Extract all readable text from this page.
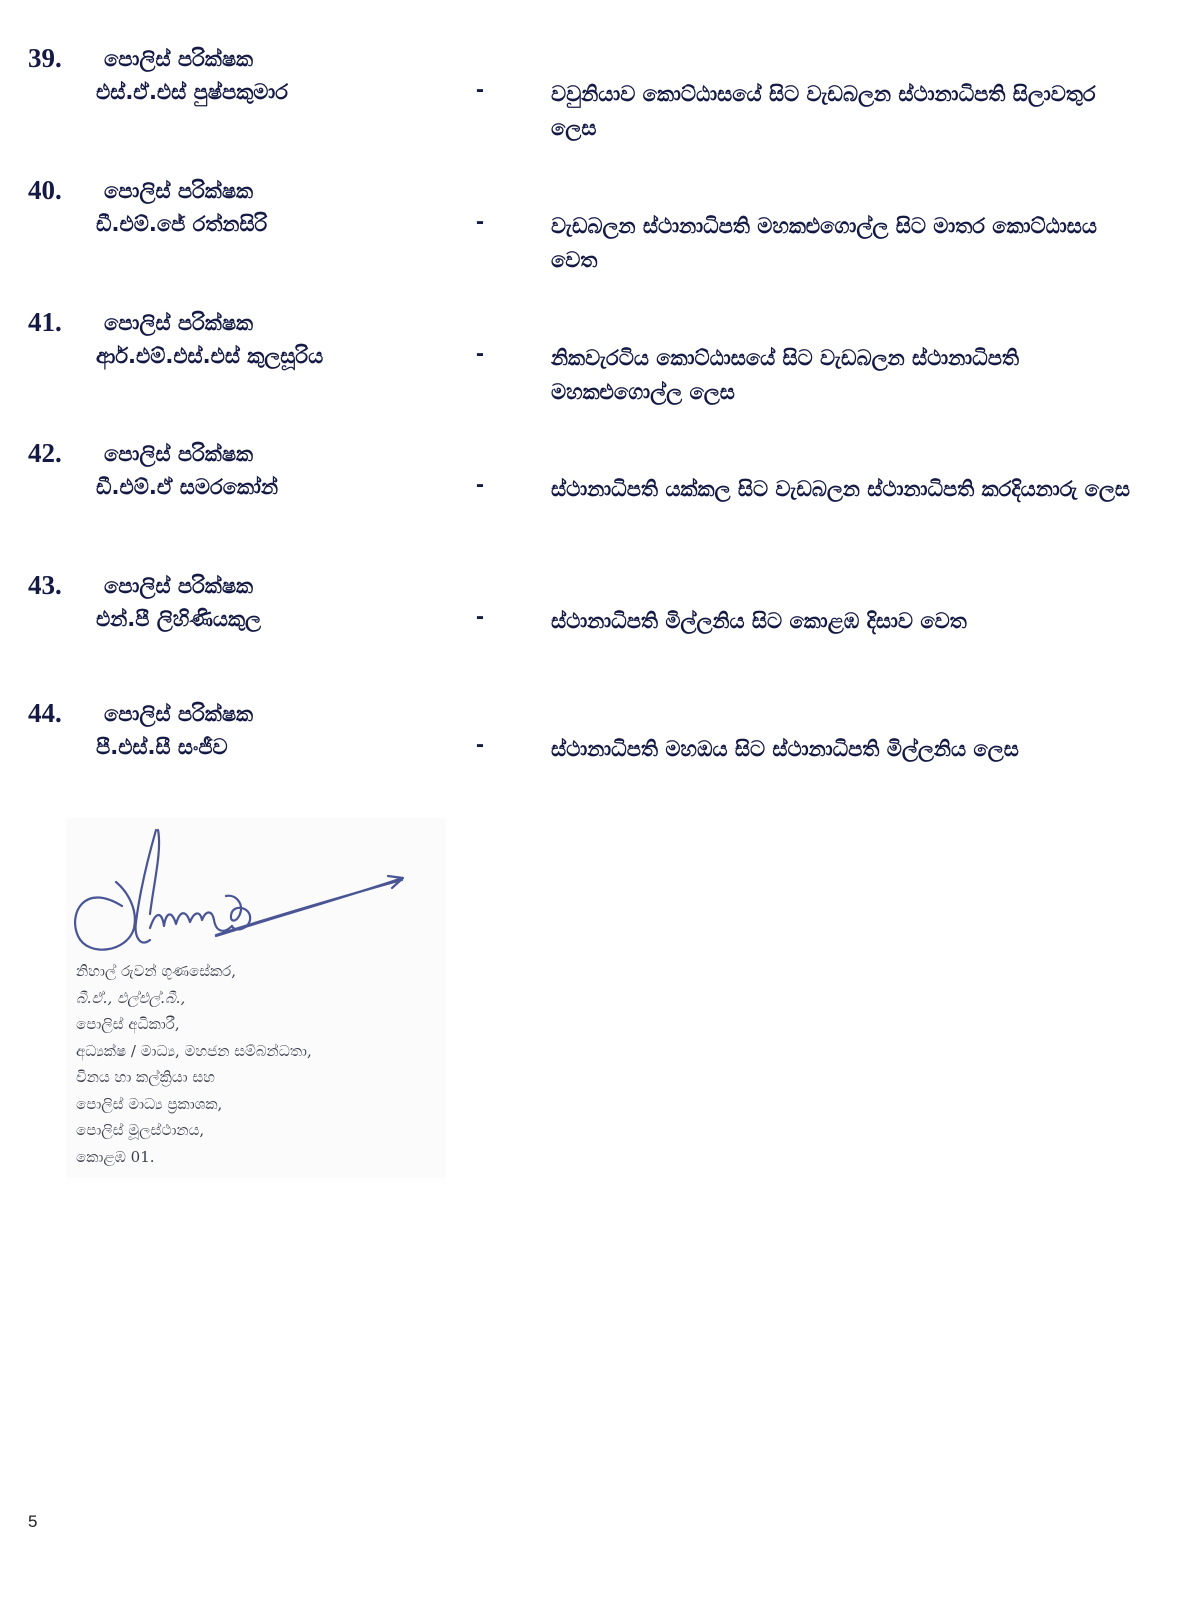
39. පොලිස් පරික්ෂක
එස්.ඒ.එස් පුෂ්පකුමාර	-	වවුනියාව කොට්ඨාසයේ සිට වැඩබලන ස්ථානාධිපති සිලාවතුර ලෙස
40. පොලිස් පරික්ෂක
ඩී.එම්.ජේ රත්නසිරි	-	වැඩබලන ස්ථානාධිපති මහකළුගොල්ල සිට මාතර කොට්ඨාසය වෙත
41. පොලිස් පරික්ෂක
ආර්.එම්.එස්.එස් කුලසූරිය	-	නිකවැරටිය කොට්ඨාසයේ සිට වැඩබලන ස්ථානාධිපති මහකළුගොල්ල ලෙස
42. පොලිස් පරික්ෂක
ඩී.එම්.ඒ සමරකෝන්	-	ස්ථානාධිපති යක්කල සිට වැඩබලන ස්ථානාධිපති කරදියනාරු ලෙස
43. පොලිස් පරික්ෂක
එන්.පී ලිහිණියකුල	-	ස්ථානාධිපති මිල්ලනිය සිට කොළඹ දිසාව වෙත
44. පොලිස් පරික්ෂක
පී.එස්.සී සංජීව	-	ස්ථානාධිපති මහඔය සිට ස්ථානාධිපති මිල්ලනිය ලෙස
නිහාල් රුවන් ගුණසේකර,
බී.ඒ., එල්එල්.බී.,
පොලිස් අධිකාරී,
අධ්‍යක්ෂ / මාධ්‍ය, මහජන සම්බන්ධතා,
විනය හා කල්ක්‍රියා සහ
පොලිස් මාධ්‍ය ප්‍රකාශක,
පොලිස් මූලස්ථානය,
කොළඹ 01.
5
